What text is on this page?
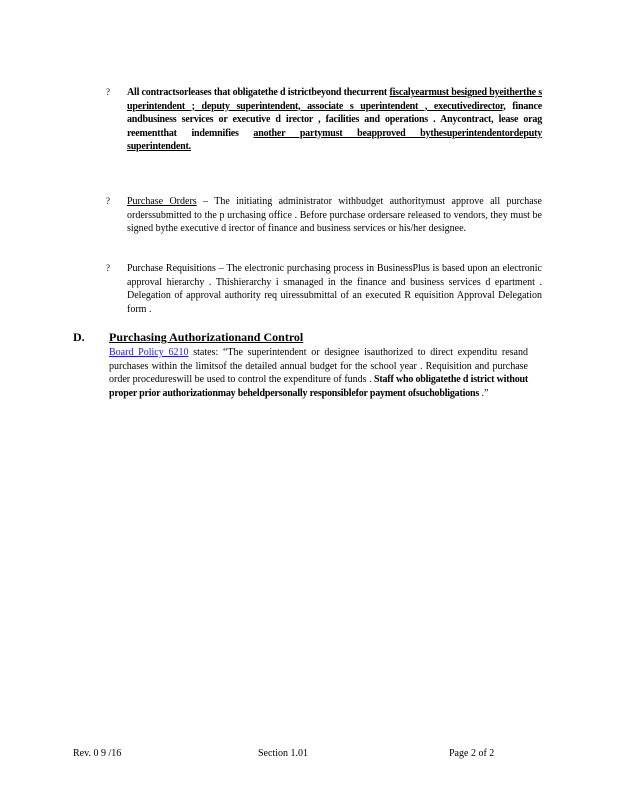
? All contractsorleases that obligatethe d istrictbeyond thecurrent fiscalyearmust besigned byeitherthe s uperintendent ; deputy superintendent, associate s uperintendent , executivedirector, finance andbusiness services or executive d irector , facilities and operations . Anycontract, lease orag reementthat indemnifies another partymust beapproved bythesuperintendentordeputy superintendent.
? Purchase Orders – The initiating administrator withbudget authoritymust approve all purchase orderssubmitted to the p urchasing office . Before purchase ordersare released to vendors, they must be signed bythe executive d irector of finance and business services or his/her designee.
? Purchase Requisitions – The electronic purchasing process in BusinessPlus is based upon an electronic approval hierarchy . Thishierarchy i smanaged in the finance and business services d epartment . Delegation of approval authority req uiressubmittal of an executed R equisition Approval Delegation form .
D. Purchasing Authorizationand Control
Board Policy 6210 states: “The superintendent or designee isauthorized to direct expenditu resand purchases within the limitsof the detailed annual budget for the school year . Requisition and purchase order procedureswill be used to control the expenditure of funds . Staff who obligatethe d istrict without proper prior authorizationmay beheldpersonally responsiblefor payment ofsuchobligations .”
Rev. 0 9 /16	Section 1.01	Page 2 of 2
